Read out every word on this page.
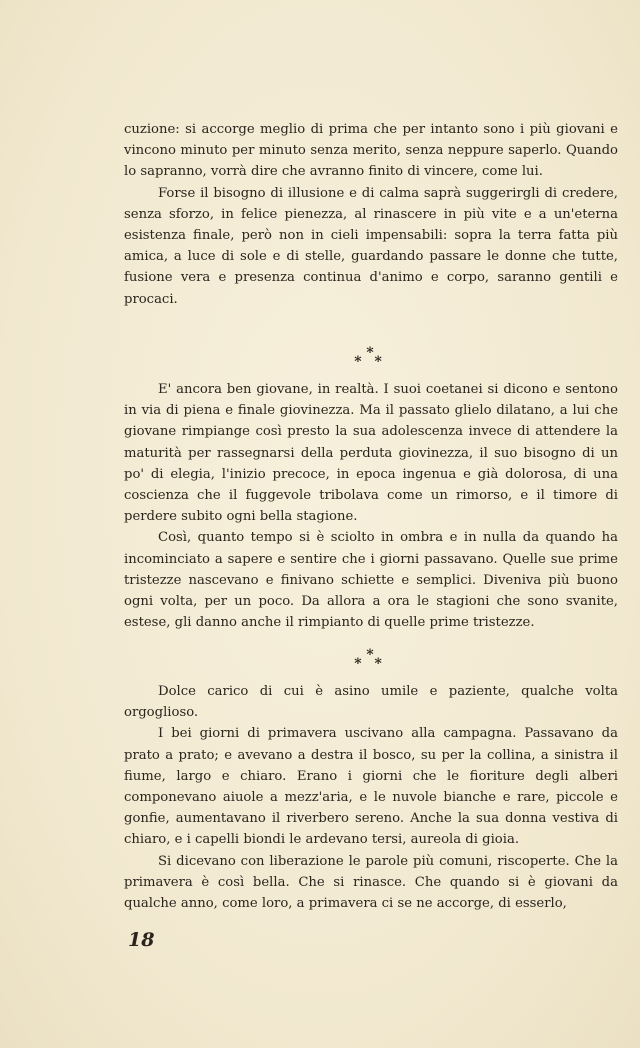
cuzione: si accorge meglio di prima che per intanto sono i più giovani e vincono minuto per minuto senza merito, senza neppure saperlo. Quando lo sapranno, vorrà dire che avranno finito di vincere, come lui.

Forse il bisogno di illusione e di calma saprà suggerirgli di credere, senza sforzo, in felice pienezza, al rinascere in più vite e a un'eterna esistenza finale, però non in cieli impensabili: sopra la terra fatta più amica, a luce di sole e di stelle, guardando passare le donne che tutte, fusione vera e presenza continua d'animo e corpo, saranno gentili e procaci.

*
* *

E' ancora ben giovane, in realtà. I suoi coetanei si dicono e sentono in via di piena e finale giovinezza. Ma il passato glielo dilatano, a lui che giovane rimpiange così presto la sua adolescenza invece di attendere la maturità per rassegnarsi della perduta giovinezza, il suo bisogno di un po' di elegia, l'inizio precoce, in epoca ingenua e già dolorosa, di una coscienza che il fuggevole tribolava come un rimorso, e il timore di perdere subito ogni bella stagione.

Così, quanto tempo si è sciolto in ombra e in nulla da quando ha incominciato a sapere e sentire che i giorni passavano. Quelle sue prime tristezze nascevano e finivano schiette e semplici. Diveniva più buono ogni volta, per un poco. Da allora a ora le stagioni che sono svanite, estese, gli danno anche il rimpianto di quelle prime tristezze.

*
* *

Dolce carico di cui è asino umile e paziente, qualche volta orgoglioso.

I bei giorni di primavera uscivano alla campagna. Passavano da prato a prato; e avevano a destra il bosco, su per la collina, a sinistra il fiume, largo e chiaro. Erano i giorni che le fioriture degli alberi componevano aiuole a mezz'aria, e le nuvole bianche e rare, piccole e gonfie, aumentavano il riverbero sereno. Anche la sua donna vestiva di chiaro, e i capelli biondi le ardevano tersi, aureola di gioia.

Si dicevano con liberazione le parole più comuni, riscoperte. Che la primavera è così bella. Che si rinasce. Che quando si è giovani da qualche anno, come loro, a primavera ci se ne accorge, di esserlo,

18
